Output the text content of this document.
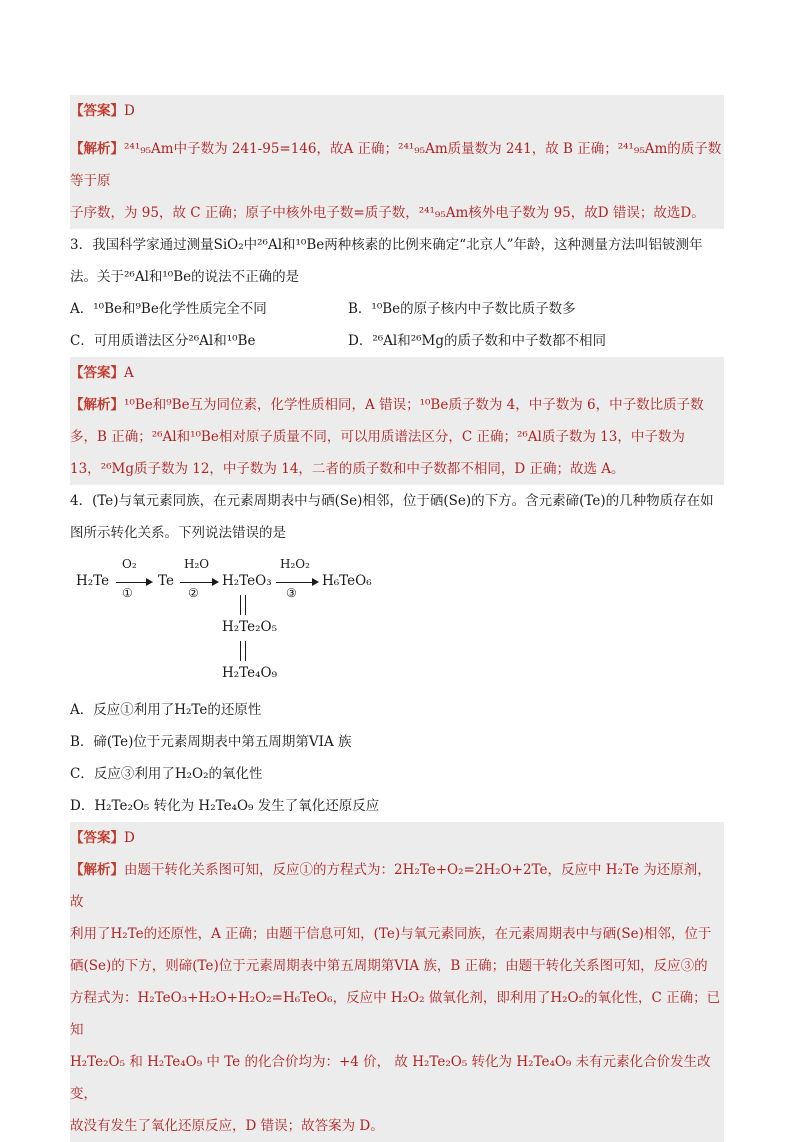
【答案】D
【解析】²⁴¹₉₅Am中子数为 241-95=146，故A 正确；²⁴¹₉₅Am质量数为 241，故 B 正确；²⁴¹₉₅Am的质子数等于原
子序数，为 95，故 C 正确；原子中核外电子数=质子数，²⁴¹₉₅Am核外电子数为 95，故D 错误；故选D。
3．我国科学家通过测量SiO₂中²⁶Al和¹⁰Be两种核素的比例来确定“北京人”年龄，这种测量方法叫铝铍测年
法。关于²⁶Al和¹⁰Be的说法不正确的是
A．¹⁰Be和⁹Be化学性质完全不同	B．¹⁰Be的原子核内中子数比质子数多
C．可用质谱法区分²⁶Al和¹⁰Be	D．²⁶Al和²⁶Mg的质子数和中子数都不相同
【答案】A
【解析】¹⁰Be和⁹Be互为同位素，化学性质相同，A 错误；¹⁰Be质子数为 4，中子数为 6，中子数比质子数
多，B 正确；²⁶Al和¹⁰Be相对原子质量不同，可以用质谱法区分，C 正确；²⁶Al质子数为 13，中子数为
13，²⁶Mg质子数为 12，中子数为 14，二者的质子数和中子数都不相同，D 正确；故选 A。
4．(Te)与氧元素同族，在元素周期表中与硒(Se)相邻，位于硒(Se)的下方。含元素碲(Te)的几种物质存在如
图所示转化关系。下列说法错误的是
H₂Te
O₂
①
Te
H₂O
②
H₂TeO₃
H₂O₂
③
H₆TeO₆
H₂Te₂O₅
H₂Te₄O₉
A．反应①利用了H₂Te的还原性
B．碲(Te)位于元素周期表中第五周期第VIA 族
C．反应③利用了H₂O₂的氧化性
D．H₂Te₂O₅ 转化为 H₂Te₄O₉ 发生了氧化还原反应
【答案】D
【解析】由题干转化关系图可知，反应①的方程式为：2H₂Te+O₂=2H₂O+2Te，反应中 H₂Te 为还原剂，故
利用了H₂Te的还原性，A 正确；由题干信息可知，(Te)与氧元素同族，在元素周期表中与硒(Se)相邻，位于
硒(Se)的下方，则碲(Te)位于元素周期表中第五周期第VIA 族，B 正确；由题干转化关系图可知，反应③的
方程式为：H₂TeO₃+H₂O+H₂O₂=H₆TeO₆，反应中 H₂O₂ 做氧化剂，即利用了H₂O₂的氧化性，C 正确；已知
H₂Te₂O₅ 和 H₂Te₄O₉ 中 Te 的化合价均为：+4 价， 故 H₂Te₂O₅ 转化为 H₂Te₄O₉ 未有元素化合价发生改变，
故没有发生了氧化还原反应，D 错误；故答案为 D。
